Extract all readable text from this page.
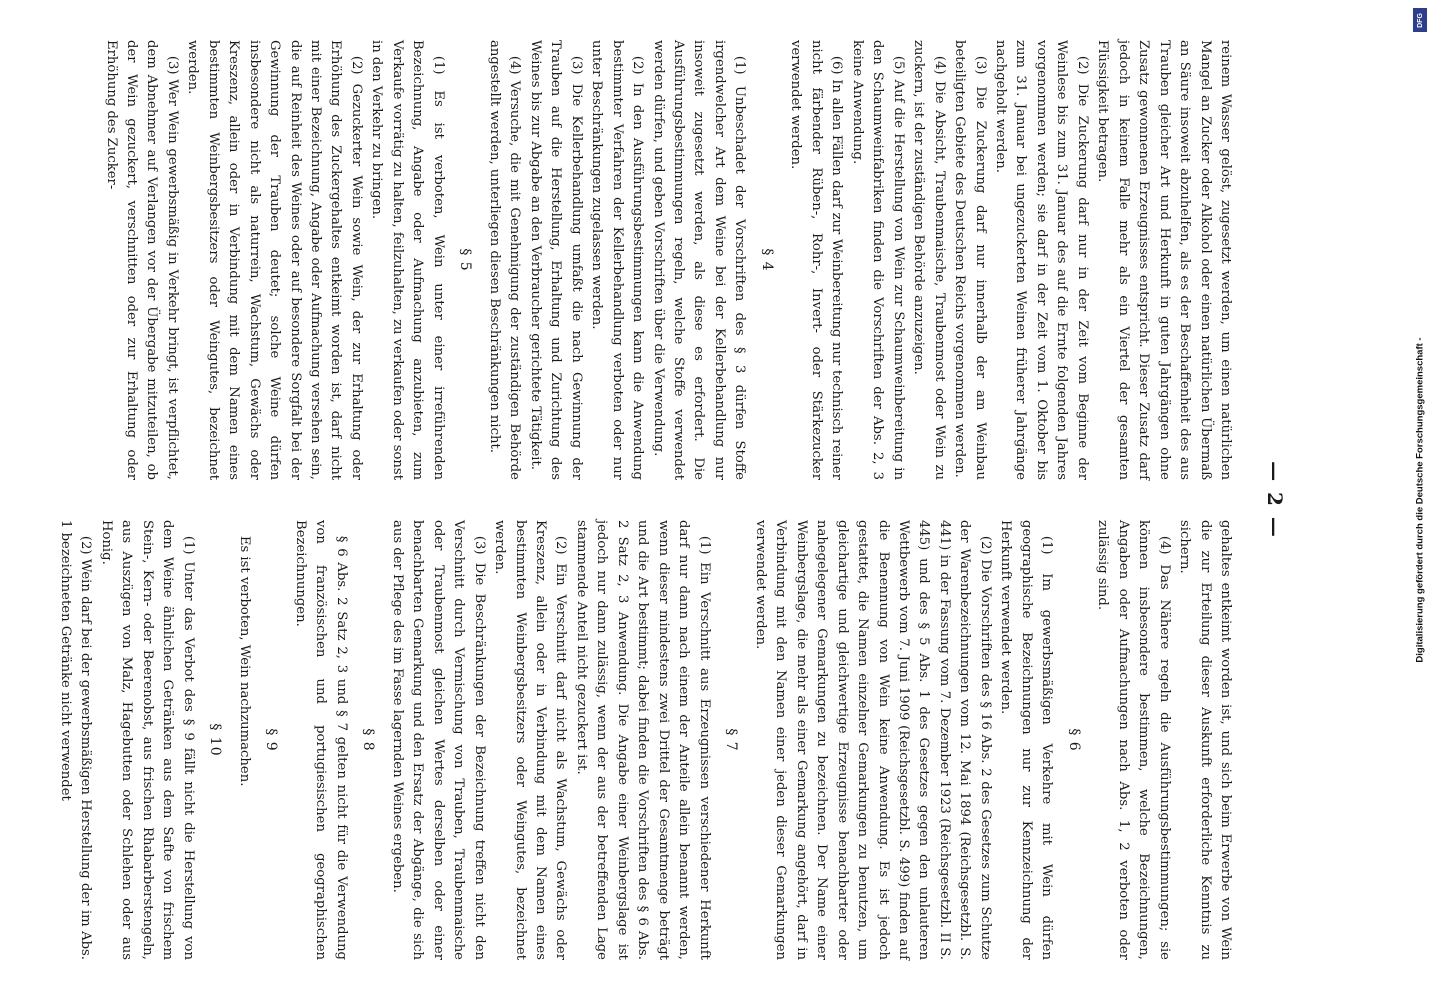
— 2 —

reinem Wasser gelöst, zugesetzt werden, um einen natürlichen Mangel an Zucker oder Alkohol oder einen natürlichen Übermaß an Säure insoweit abzuhelfen, als es der Beschaffenheit des aus Trauben gleicher Art und Herkunft in guten Jahrgängen ohne Zusatz gewonnenen Erzeugnisses entspricht. Dieser Zusatz darf jedoch in keinem Falle mehr als ein Viertel der gesamten Flüssigkeit betragen.

(2) Die Zuckerung darf nur in der Zeit vom Beginne der Weinlese bis zum 31. Januar des auf die Ernte folgenden Jahres vorgenommen werden; sie darf in der Zeit vom 1. Oktober bis zum 31. Januar bei ungezuckerten Weinen früherer Jahrgänge nachgeholt werden.

(3) Die Zuckerung darf nur innerhalb der am Weinbau beteiligten Gebiete des Deutschen Reichs vorgenommen werden.

(4) Die Absicht, Traubenmaische, Traubenmost oder Wein zu zuckern, ist der zuständigen Behörde anzuzeigen.

(5) Auf die Herstellung von Wein zur Schaumweinbereitung in den Schaumweinfabriken finden die Vorschriften der Abs. 2, 3 keine Anwendung.

(6) In allen Fällen darf zur Weinbereitung nur technisch reiner nicht färbender Rüben-, Rohr-, Invert- oder Stärkezucker verwendet werden.

§ 4

(1) Unbeschadet der Vorschriften des § 3 dürfen Stoffe irgendwelcher Art dem Weine bei der Kellerbehandlung nur insoweit zugesetzt werden, als diese es erfordert. Die Ausführungsbestimmungen regeln, welche Stoffe verwendet werden dürfen, und geben Vorschriften über die Verwendung.

(2) In den Ausführungsbestimmungen kann die Anwendung bestimmter Verfahren der Kellerbehandlung verboten oder nur unter Beschränkungen zugelassen werden.

(3) Die Kellerbehandlung umfaßt die nach Gewinnung der Trauben auf die Herstellung, Erhaltung und Zurichtung des Weines bis zur Abgabe an den Verbraucher gerichtete Tätigkeit.

(4) Versuche, die mit Genehmigung der zuständigen Behörde angestellt werden, unterliegen diesen Beschränkungen nicht.

§ 5

(1) Es ist verboten, Wein unter einer irreführenden Bezeichnung, Angabe oder Aufmachung anzubieten, zum Verkaufe vorrätig zu halten, feilzuhalten, zu verkaufen oder sonst in den Verkehr zu bringen.

(2) Gezuckerter Wein sowie Wein, der zur Erhaltung oder Erhöhung des Zuckergehaltes entkeimt worden ist, darf nicht mit einer Bezeichnung, Angabe oder Aufmachung versehen sein, die auf Reinheit des Weines oder auf besondere Sorgfalt bei der Gewinnung der Trauben deutet; solche Weine dürfen insbesondere nicht als naturrein, Wachstum, Gewächs oder Kreszenz, allein oder in Verbindung mit dem Namen eines bestimmten Weinbergsbesitzers oder Weingutes, bezeichnet werden.

(3) Wer Wein gewerbsmäßig in Verkehr bringt, ist verpflichtet, dem Abnehmer auf Verlangen vor der Übergabe mitzuteilen, ob der Wein gezuckert, verschnitten oder zur Erhaltung oder Erhöhung des Zucker-

gehaltes entkeimt worden ist, und sich beim Erwerbe von Wein die zur Erteilung dieser Auskunft erforderliche Kenntnis zu sichern.

(4) Das Nähere regeln die Ausführungsbestimmungen; sie können insbesondere bestimmen, welche Bezeichnungen, Angaben oder Aufmachungen nach Abs. 1, 2 verboten oder zulässig sind.

§ 6

(1) Im gewerbsmäßigen Verkehre mit Wein dürfen geographische Bezeichnungen nur zur Kennzeichnung der Herkunft verwendet werden.

(2) Die Vorschriften des § 16 Abs. 2 des Gesetzes zum Schutze der Warenbezeichnungen vom 12. Mai 1894 (Reichsgesetzbl. S. 441) in der Fassung vom 7. Dezember 1923 (Reichsgesetzbl. II S. 445) und des § 5 Abs. 1 des Gesetzes gegen den unlauteren Wettbewerb vom 7. Juni 1909 (Reichsgesetzbl. S. 499) finden auf die Benennung von Wein keine Anwendung. Es ist jedoch gestattet, die Namen einzelner Gemarkungen zu benutzen, um gleichartige und gleichwertige Erzeugnisse benachbarter oder nahegelegener Gemarkungen zu bezeichnen. Der Name einer Weinbergslage, die mehr als einer Gemarkung angehört, darf in Verbindung mit den Namen einer jeden dieser Gemarkungen verwendet werden.

§ 7

(1) Ein Verschnitt aus Erzeugnissen verschiedener Herkunft darf nur dann nach einem der Anteile allein benannt werden, wenn dieser mindestens zwei Drittel der Gesamtmenge beträgt und die Art bestimmt; dabei finden die Vorschriften des § 6 Abs. 2 Satz 2, 3 Anwendung. Die Angabe einer Weinbergslage ist jedoch nur dann zulässig, wenn der aus der betreffenden Lage stammende Anteil nicht gezuckert ist.

(2) Ein Verschnitt darf nicht als Wachstum, Gewächs oder Kreszenz, allein oder in Verbindung mit dem Namen eines bestimmten Weinbergsbesitzers oder Weingutes, bezeichnet werden.

(3) Die Beschränkungen der Bezeichnung treffen nicht den Verschnitt durch Vermischung von Trauben, Traubenmaische oder Traubenmost gleichen Wertes derselben oder einer benachbarten Gemarkung und den Ersatz der Abgänge, die sich aus der Pflege des im Fasse lagernden Weines ergeben.

§ 8

§ 6 Abs. 2 Satz 2, 3 und § 7 gelten nicht für die Verwendung von französischen und portugiesischen geographischen Bezeichnungen.

§ 9

Es ist verboten, Wein nachzumachen.

§ 10

(1) Unter das Verbot des § 9 fällt nicht die Herstellung von dem Weine ähnlichen Getränken aus dem Safte von frischem Stein-, Kern- oder Beerenobst, aus frischen Rhabarberstengeln, aus Auszügen von Malz, Hagebutten oder Schlehen oder aus Honig.

(2) Wein darf bei der gewerbsmäßigen Herstellung der im Abs. 1 bezeichneten Getränke nicht verwendet

DFG
Digitalisierung gefördert durch die Deutsche Forschungsgemeinschaft -
